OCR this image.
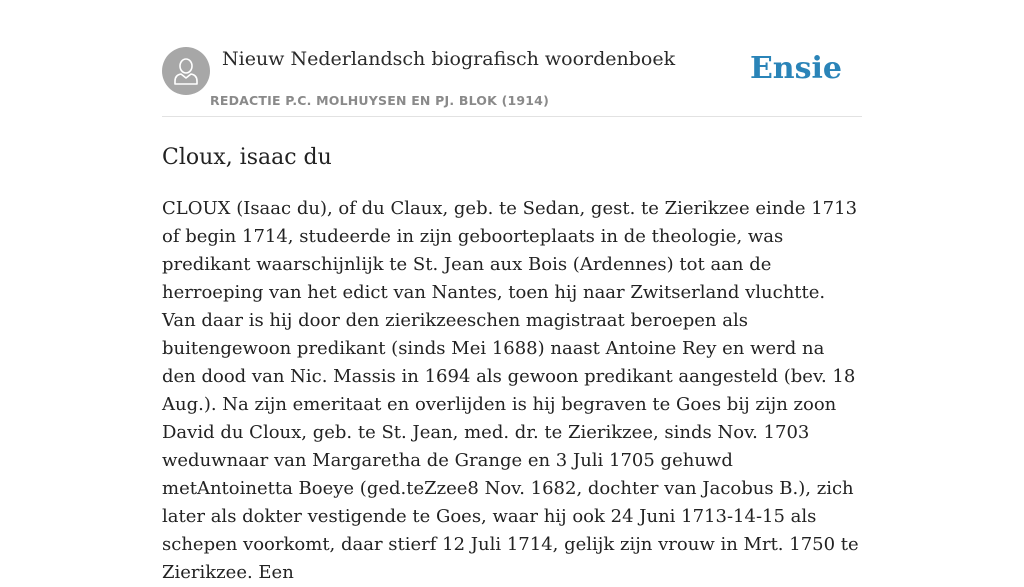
Nieuw Nederlandsch biografisch woordenboek
REDACTIE P.C. MOLHUYSEN EN PJ. BLOK (1914)
Ensie
Cloux, isaac du

CLOUX (Isaac du), of du Claux, geb. te Sedan, gest. te Zierikzee einde 1713 of begin 1714, studeerde in zijn geboorteplaats in de theologie, was predikant waarschijnlijk te St. Jean aux Bois (Ardennes) tot aan de herroeping van het edict van Nantes, toen hij naar Zwitserland vluchtte. Van daar is hij door den zierikzeeschen magistraat beroepen als buitengewoon predikant (sinds Mei 1688) naast Antoine Rey en werd na den dood van Nic. Massis in 1694 als gewoon predikant aangesteld (bev. 18 Aug.). Na zijn emeritaat en overlijden is hij begraven te Goes bij zijn zoon David du Cloux, geb. te St. Jean, med. dr. te Zierikzee, sinds Nov. 1703 weduwnaar van Margaretha de Grange en 3 Juli 1705 gehuwd metAntoinetta Boeye (ged.teZzee8 Nov. 1682, dochter van Jacobus B.), zich later als dokter vestigende te Goes, waar hij ook 24 Juni 1713-14-15 als schepen voorkomt, daar stierf 12 Juli 1714, gelijk zijn vrouw in Mrt. 1750 te Zierikzee. Een
